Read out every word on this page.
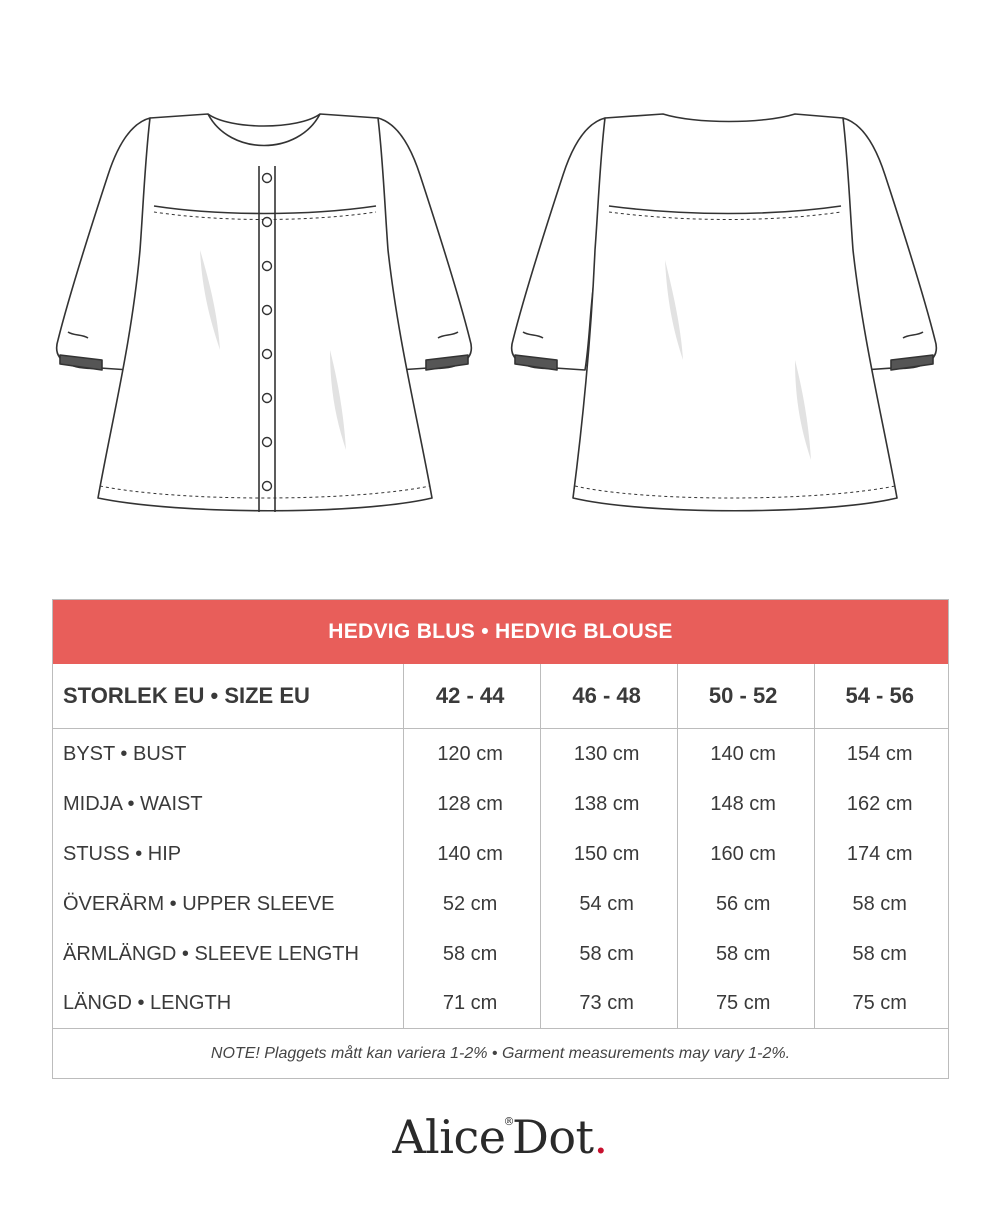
HEDVIG BLUS • HEDVIG BLOUSE
STORLEK EU • SIZE EU	42 - 44	46 - 48	50 - 52	54 - 56
BYST • BUST	120 cm	130 cm	140 cm	154 cm
MIDJA • WAIST	128 cm	138 cm	148 cm	162 cm
STUSS • HIP	140 cm	150 cm	160 cm	174 cm
ÖVERÄRM • UPPER SLEEVE	52 cm	54 cm	56 cm	58 cm
ÄRMLÄNGD • SLEEVE LENGTH	58 cm	58 cm	58 cm	58 cm
LÄNGD • LENGTH	71 cm	73 cm	75 cm	75 cm
NOTE! Plaggets mått kan variera 1-2% • Garment measurements may vary 1-2%.
Alice®Dot.
